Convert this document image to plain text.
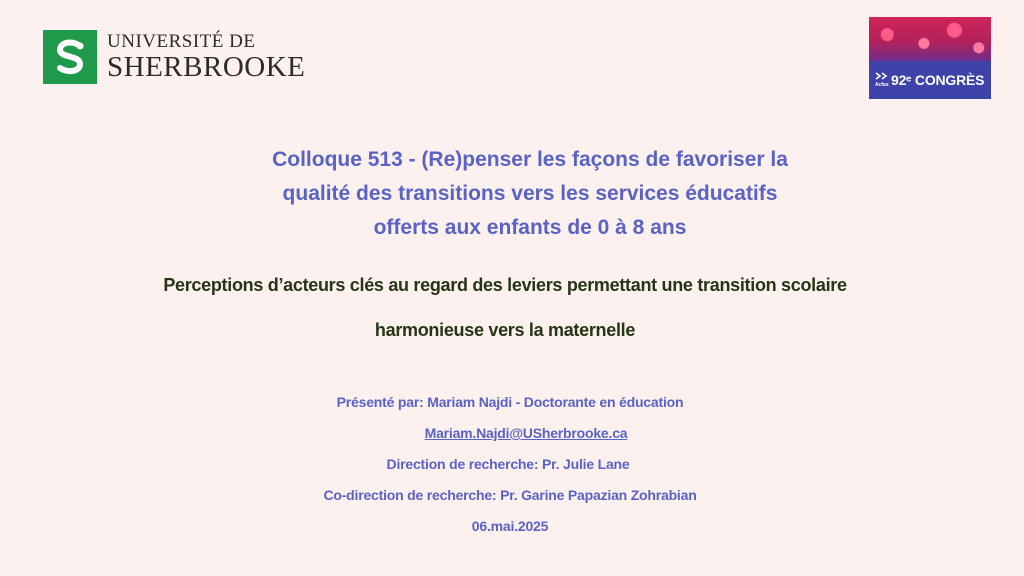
UNIVERSITÉ DE
SHERBROOKE
Acfas 92ᵉ CONGRÈS
Colloque 513 - (Re)penser les façons de favoriser la
qualité des transitions vers les services éducatifs
offerts aux enfants de 0 à 8 ans
Perceptions d’acteurs clés au regard des leviers permettant une transition scolaire
harmonieuse vers la maternelle
Présenté par: Mariam Najdi - Doctorante en éducation
Mariam.Najdi@USherbrooke.ca
Direction de recherche: Pr. Julie Lane
Co-direction de recherche: Pr. Garine Papazian Zohrabian
06.mai.2025
